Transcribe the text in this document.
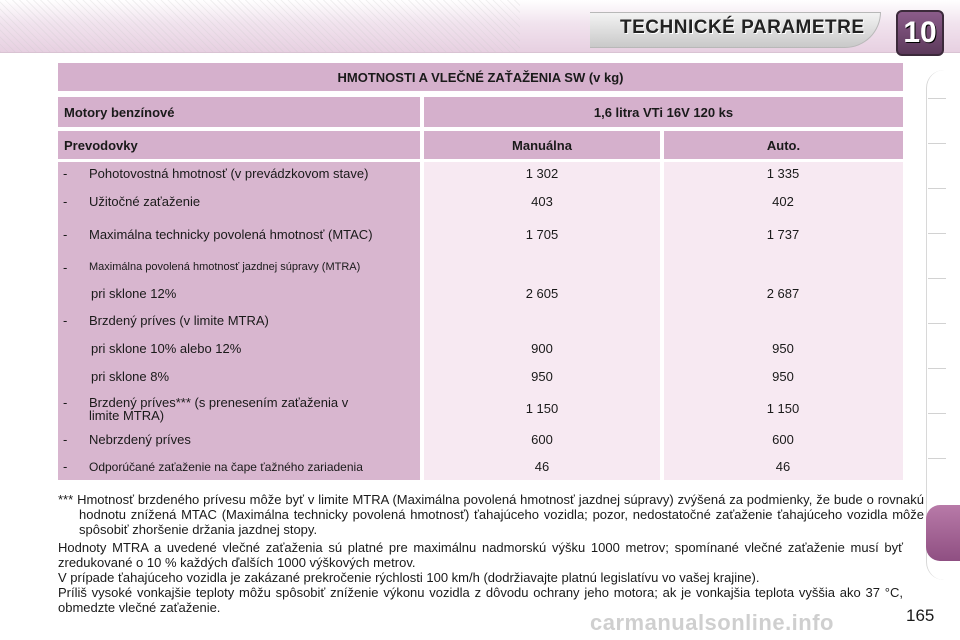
TECHNICKÉ PARAMETRE 10
HMOTNOSTI A VLEČNÉ ZAŤAŽENIA SW (v kg)
Motory benzínové	1,6 litra VTi 16V 120 ks
Prevodovky	Manuálna	Auto.
- Pohotovostná hmotnosť (v prevádzkovom stave)	1 302	1 335
- Užitočné zaťaženie	403	402
- Maximálna technicky povolená hmotnosť (MTAC)	1 705	1 737
- Maximálna povolená hmotnosť jazdnej súpravy (MTRA)
pri sklone 12%	2 605	2 687
- Brzdený príves (v limite MTRA)
pri sklone 10% alebo 12%	900	950
pri sklone 8%	950	950
- Brzdený príves*** (s prenesením zaťaženia v
limite MTRA)	1 150	1 150
- Nebrzdený príves	600	600
- Odporúčané zaťaženie na čape ťažného zariadenia	46	46
*** Hmotnosť brzdeného prívesu môže byť v limite MTRA (Maximálna povolená hmotnosť jazdnej súpravy) zvýšená za podmienky, že bude o rovnakú hodnotu znížená MTAC (Maximálna technicky povolená hmotnosť) ťahajúceho vozidla; pozor, nedostatočné zaťaženie ťahajúceho vozidla môže spôsobiť zhoršenie držania jazdnej stopy.
Hodnoty MTRA a uvedené vlečné zaťaženia sú platné pre maximálnu nadmorskú výšku 1000 metrov; spomínané vlečné zaťaženie musí byť zredukované o 10 % každých ďalších 1000 výškových metrov.
V prípade ťahajúceho vozidla je zakázané prekročenie rýchlosti 100 km/h (dodržiavajte platnú legislatívu vo vašej krajine).
Príliš vysoké vonkajšie teploty môžu spôsobiť zníženie výkonu vozidla z dôvodu ochrany jeho motora; ak je vonkajšia teplota vyššia ako 37 °C, obmedzte vlečné zaťaženie.
carmanualsonline.info	165
